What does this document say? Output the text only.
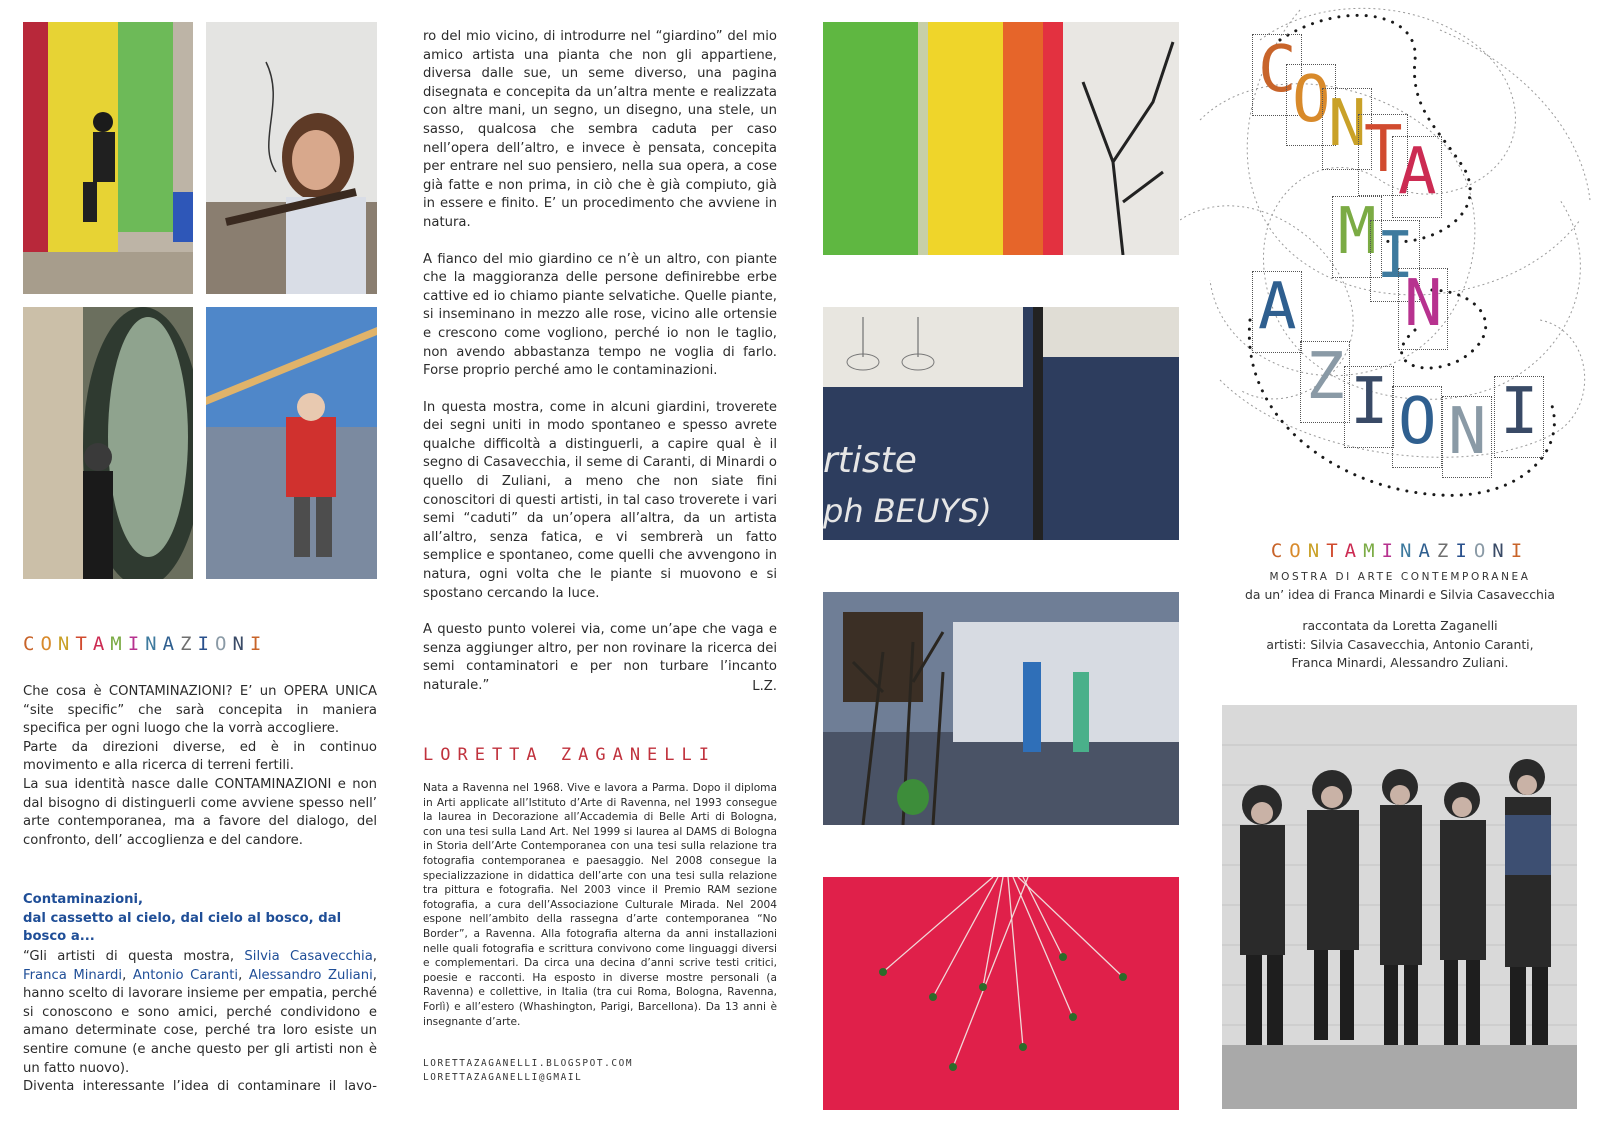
CONTAMINAZIONI
Che cosa è CONTAMINAZIONI? E’ un OPERA UNICA “site specific” che sarà concepita in maniera specifica per ogni luogo che la vorrà accogliere.
Parte da direzioni diverse, ed è in continuo movimento e alla ricerca di terreni fertili.
La sua identità nasce dalle CONTAMINAZIONI e non dal bisogno di distinguerli come avviene spesso nell’ arte contemporanea, ma a favore del dialogo, del confronto, dell’ accoglienza e del candore.
Contaminazioni,
dal cassetto al cielo, dal cielo al bosco, dal bosco a...
“Gli artisti di questa mostra, Silvia Casavecchia, Franca Minardi, Antonio Caranti, Alessandro Zuliani, hanno scelto di lavorare insieme per empatia, perché si conoscono e sono amici, perché condividono e amano determinate cose, perché tra loro esiste un sentire comune (e anche questo per gli artisti non è un fatto nuovo).
Diventa interessante l’idea di contaminare il lavo-

ro del mio vicino, di introdurre nel “giardino” del mio amico artista una pianta che non gli appartiene, diversa dalle sue, un seme diverso, una pagina disegnata e concepita da un’altra mente e realizzata con altre mani, un segno, un disegno, una stele, un sasso, qualcosa che sembra caduta per caso nell’opera dell’altro, e invece è pensata, concepita per entrare nel suo pensiero, nella sua opera, a cose già fatte e non prima, in ciò che è già compiuto, già in essere e finito. E’ un procedimento che avviene in natura.

A fianco del mio giardino ce n’è un altro, con piante che la maggioranza delle persone definirebbe erbe cattive ed io chiamo piante selvatiche. Quelle piante, si inseminano in mezzo alle rose, vicino alle ortensie e crescono come vogliono, perché io non le taglio, non avendo abbastanza tempo ne voglia di farlo. Forse proprio perché amo le contaminazioni.

In questa mostra, come in alcuni giardini, troverete dei segni uniti in modo spontaneo e spesso avrete qualche difficoltà a distinguerli, a capire qual è il segno di Casavecchia, il seme di Caranti, di Minardi o quello di Zuliani, a meno che non siate fini conoscitori di questi artisti, in tal caso troverete i vari semi “caduti” da un’opera all’altra, da un artista all’altro, senza fatica, e vi sembrerà un fatto semplice e spontaneo, come quelli che avvengono in natura, ogni volta che le piante si muovono e si spostano cercando la luce.

A questo punto volerei via, come un’ape che vaga e senza aggiunger altro, per non rovinare la ricerca dei semi contaminatori e per non turbare l’incanto naturale.”	L.Z.
LORETTA ZAGANELLI

Nata a Ravenna nel 1968. Vive e lavora a Parma. Dopo il diploma in Arti applicate all’Istituto d’Arte di Ravenna, nel 1993 consegue la laurea in Decorazione all’Accademia di Belle Arti di Bologna, con una tesi sulla Land Art. Nel 1999 si laurea al DAMS di Bologna in Storia dell’Arte Contemporanea con una tesi sulla relazione tra fotografia contemporanea e paesaggio. Nel 2008 consegue la specializzazione in didattica dell’arte con una tesi sulla relazione tra pittura e fotografia. Nel 2003 vince il Premio RAM sezione fotografia, a cura dell’Associazione Culturale Mirada. Nel 2004 espone nell’ambito della rassegna d’arte contemporanea “No Border”, a Ravenna. Alla fotografia alterna da anni installazioni nelle quali fotografia e scrittura convivono come linguaggi diversi e complementari. Da circa una decina d’anni scrive testi critici, poesie e racconti. Ha esposto in diverse mostre personali (a Ravenna) e collettive, in Italia (tra cui Roma, Bologna, Ravenna, Forlì) e all’estero (Whashington, Parigi, Barcellona). Da 13 anni è insegnante d’arte.

LORETTAZAGANELLI.BLOGSPOT.COM
LORETTAZAGANELLI@GMAIL
rtiste
ph BEUYS)
C
O
N
T
A
M I
N
A
Z I O N I
CONTAMINAZIONI
MOSTRA DI ARTE CONTEMPORANEA
da un’ idea di Franca Minardi e Silvia Casavecchia
raccontata da Loretta Zaganelli
artisti: Silvia Casavecchia, Antonio Caranti,
Franca Minardi, Alessandro Zuliani.
